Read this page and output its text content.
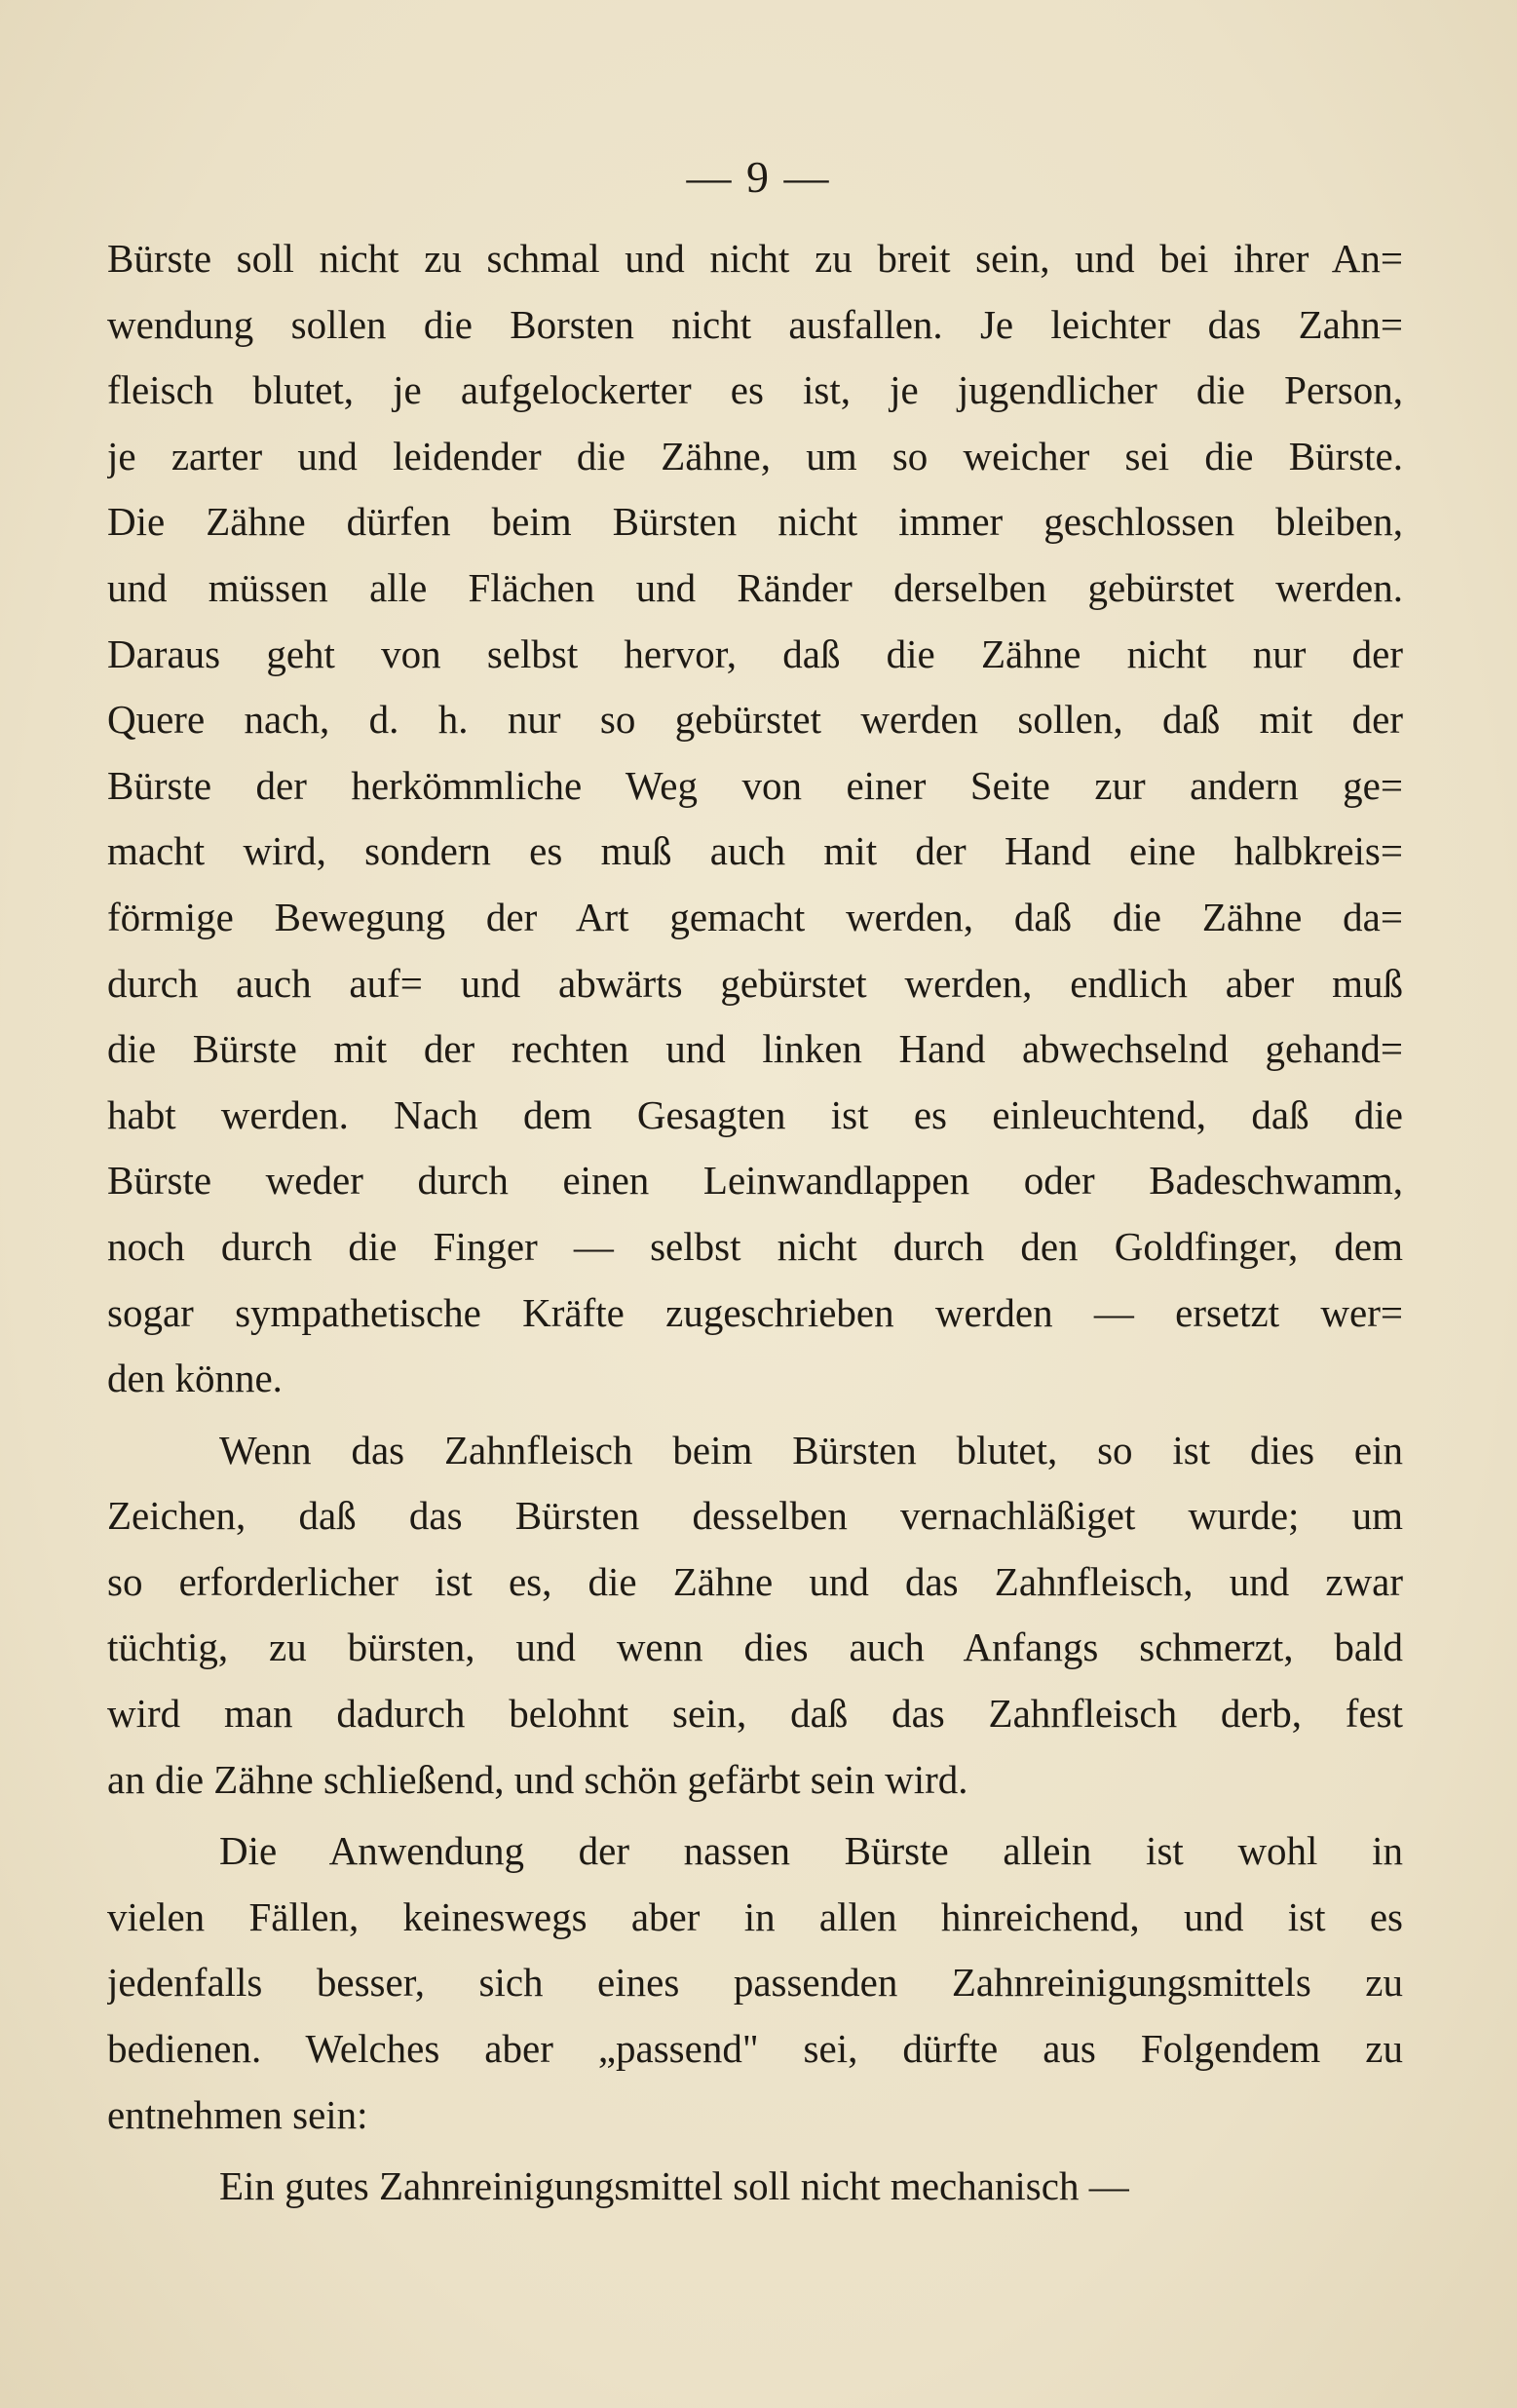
— 9 —
Bürste soll nicht zu schmal und nicht zu breit sein, und bei ihrer An=
wendung sollen die Borsten nicht ausfallen. Je leichter das Zahn=
fleisch blutet, je aufgelockerter es ist, je jugendlicher die Person,
je zarter und leidender die Zähne, um so weicher sei die Bürste.
Die Zähne dürfen beim Bürsten nicht immer geschlossen bleiben,
und müssen alle Flächen und Ränder derselben gebürstet werden.
Daraus geht von selbst hervor, daß die Zähne nicht nur der
Quere nach, d. h. nur so gebürstet werden sollen, daß mit der
Bürste der herkömmliche Weg von einer Seite zur andern ge=
macht wird, sondern es muß auch mit der Hand eine halbkreis=
förmige Bewegung der Art gemacht werden, daß die Zähne da=
durch auch auf= und abwärts gebürstet werden, endlich aber muß
die Bürste mit der rechten und linken Hand abwechselnd gehand=
habt werden. Nach dem Gesagten ist es einleuchtend, daß die
Bürste weder durch einen Leinwandlappen oder Badeschwamm,
noch durch die Finger — selbst nicht durch den Goldfinger, dem
sogar sympathetische Kräfte zugeschrieben werden — ersetzt wer=
den könne.
Wenn das Zahnfleisch beim Bürsten blutet, so ist dies ein
Zeichen, daß das Bürsten desselben vernachläßiget wurde; um
so erforderlicher ist es, die Zähne und das Zahnfleisch, und zwar
tüchtig, zu bürsten, und wenn dies auch Anfangs schmerzt, bald
wird man dadurch belohnt sein, daß das Zahnfleisch derb, fest
an die Zähne schließend, und schön gefärbt sein wird.
Die Anwendung der nassen Bürste allein ist wohl in
vielen Fällen, keineswegs aber in allen hinreichend, und ist es
jedenfalls besser, sich eines passenden Zahnreinigungsmittels zu
bedienen. Welches aber „passend" sei, dürfte aus Folgendem zu
entnehmen sein:
Ein gutes Zahnreinigungsmittel soll nicht mechanisch —
